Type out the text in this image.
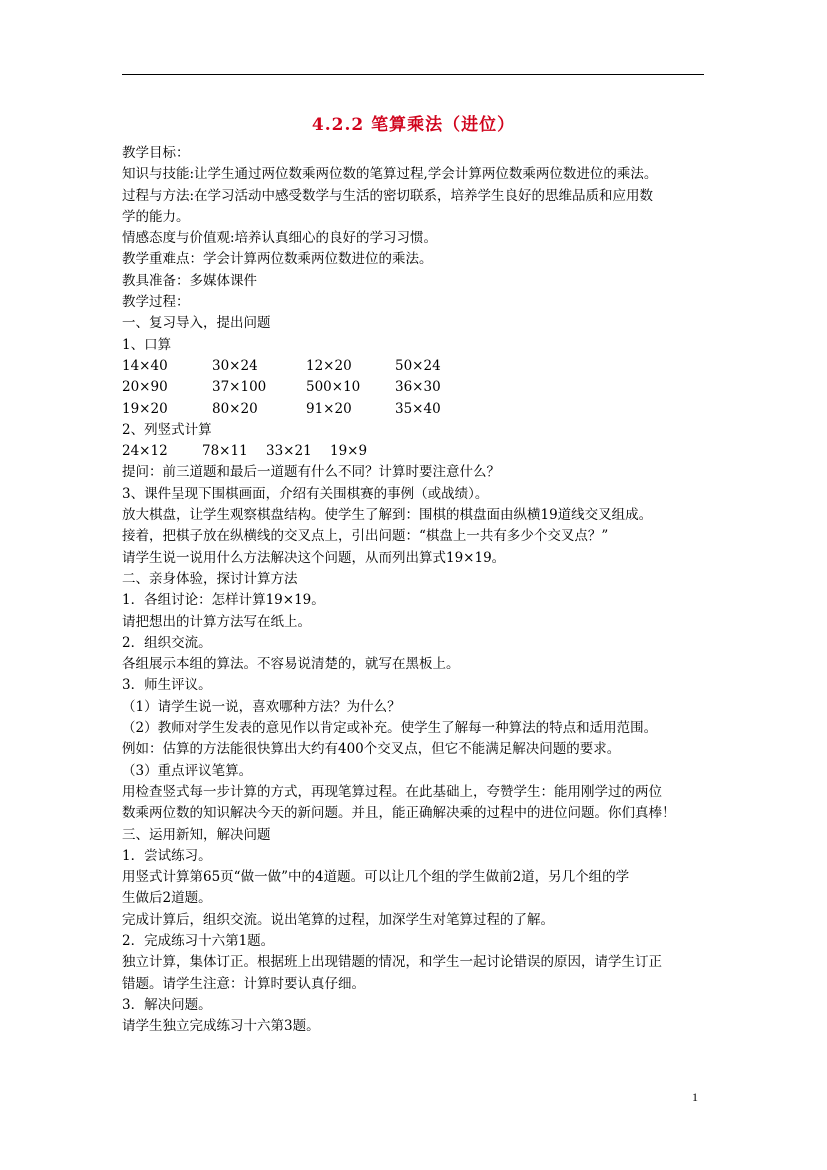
4.2.2 笔算乘法（进位）
教学目标：
知识与技能:让学生通过两位数乘两位数的笔算过程,学会计算两位数乘两位数进位的乘法。
过程与方法:在学习活动中感受数学与生活的密切联系，培养学生良好的思维品质和应用数
学的能力。
情感态度与价值观:培养认真细心的良好的学习习惯。
教学重难点：学会计算两位数乘两位数进位的乘法。
教具准备：多媒体课件
教学过程：
一、复习导入，提出问题
1、口算
14×40	30×24	12×20	50×24
20×90	37×100	500×10	36×30
19×20	80×20	91×20	35×40
2、列竖式计算
24×12	78×11	33×21	19×9
提问：前三道题和最后一道题有什么不同？计算时要注意什么？
3、课件呈现下围棋画面，介绍有关围棋赛的事例（或战绩）。
放大棋盘，让学生观察棋盘结构。使学生了解到：围棋的棋盘面由纵横19道线交叉组成。
接着，把棋子放在纵横线的交叉点上，引出问题：“棋盘上一共有多少个交叉点？”
请学生说一说用什么方法解决这个问题，从而列出算式19×19。
二、亲身体验，探讨计算方法
1．各组讨论：怎样计算19×19。
请把想出的计算方法写在纸上。
2．组织交流。
各组展示本组的算法。不容易说清楚的，就写在黑板上。
3．师生评议。
（1）请学生说一说，喜欢哪种方法？为什么？
（2）教师对学生发表的意见作以肯定或补充。使学生了解每一种算法的特点和适用范围。
例如：估算的方法能很快算出大约有400个交叉点，但它不能满足解决问题的要求。
（3）重点评议笔算。
用检查竖式每一步计算的方式，再现笔算过程。在此基础上，夸赞学生：能用刚学过的两位
数乘两位数的知识解决今天的新问题。并且，能正确解决乘的过程中的进位问题。你们真棒！
三、运用新知，解决问题
1．尝试练习。
用竖式计算第65页“做一做”中的4道题。可以让几个组的学生做前2道，另几个组的学
生做后2道题。
完成计算后，组织交流。说出笔算的过程，加深学生对笔算过程的了解。
2．完成练习十六第1题。
独立计算，集体订正。根据班上出现错题的情况，和学生一起讨论错误的原因，请学生订正
错题。请学生注意：计算时要认真仔细。
3．解决问题。
请学生独立完成练习十六第3题。
1
